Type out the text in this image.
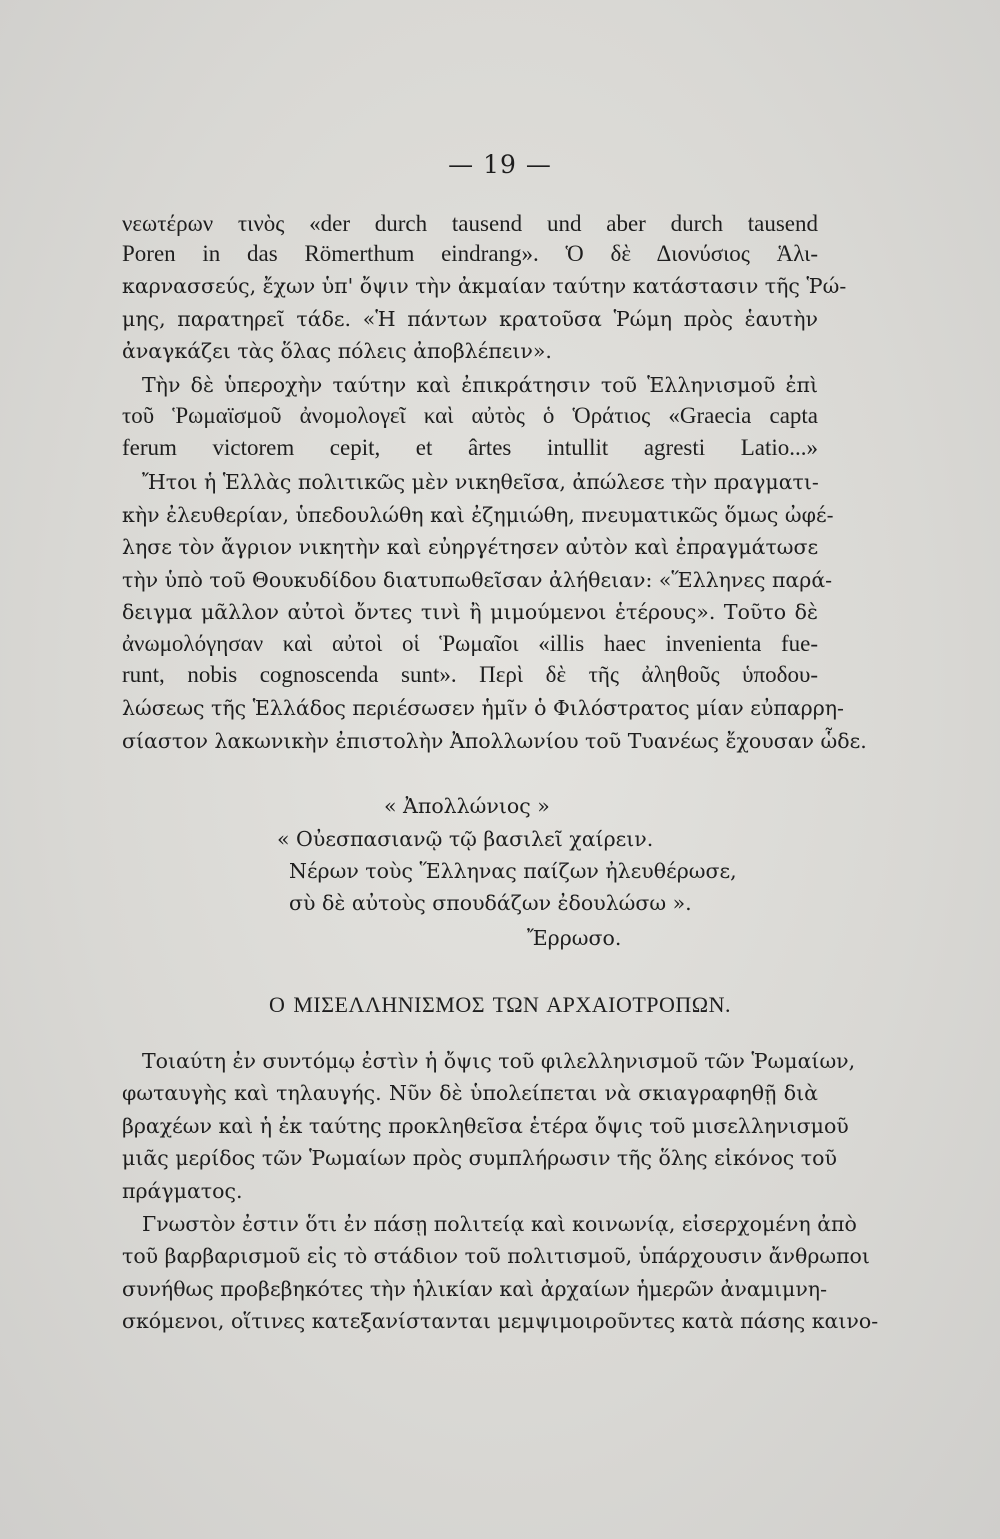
— 19 —
νεωτέρων τινὸς «der durch tausend und aber durch tausend
Poren in das Römerthum eindrang». Ὁ δὲ Διονύσιος Ἁλι-
καρνασσεύς, ἔχων ὑπ' ὄψιν τὴν ἀκμαίαν ταύτην κατάστασιν τῆς Ῥώ-
μης, παρατηρεῖ τάδε. «Ἡ πάντων κρατοῦσα Ῥώμη πρὸς ἑαυτὴν
ἀναγκάζει τὰς ὅλας πόλεις ἀποβλέπειν».
Τὴν δὲ ὑπεροχὴν ταύτην καὶ ἐπικράτησιν τοῦ Ἑλληνισμοῦ ἐπὶ
τοῦ Ῥωμαϊσμοῦ ἀνομολογεῖ καὶ αὐτὸς ὁ Ὁράτιος «Graecia capta
ferum victorem cepit, et ârtes intullit agresti Latio...»
Ἤτοι ἡ Ἑλλὰς πολιτικῶς μὲν νικηθεῖσα, ἀπώλεσε τὴν πραγματι-
κὴν ἐλευθερίαν, ὑπεδουλώθη καὶ ἐζημιώθη, πνευματικῶς ὅμως ὠφέ-
λησε τὸν ἄγριον νικητὴν καὶ εὐηργέτησεν αὐτὸν καὶ ἐπραγμάτωσε
τὴν ὑπὸ τοῦ Θουκυδίδου διατυπωθεῖσαν ἀλήθειαν: «Ἕλληνες παρά-
δειγμα μᾶλλον αὐτοὶ ὄντες τινὶ ἢ μιμούμενοι ἑτέρους». Τοῦτο δὲ
ἀνωμολόγησαν καὶ αὐτοὶ οἱ Ῥωμαῖοι «illis haec invenienta fue-
runt, nobis cognoscenda sunt». Περὶ δὲ τῆς ἀληθοῦς ὑποδου-
λώσεως τῆς Ἑλλάδος περιέσωσεν ἡμῖν ὁ Φιλόστρατος μίαν εὐπαρρη-
σίαστον λακωνικὴν ἐπιστολὴν Ἀπολλωνίου τοῦ Τυανέως ἔχουσαν ὧδε.
« Ἀπολλώνιος »
« Οὐεσπασιανῷ τῷ βασιλεῖ χαίρειν.
Νέρων τοὺς Ἕλληνας παίζων ἠλευθέρωσε,
σὺ δὲ αὐτοὺς σπουδάζων ἐδουλώσω ».
Ἔρρωσο.
Ο ΜΙΣΕΛΛΗΝΙΣΜΟΣ ΤΩΝ ΑΡΧΑΙΟΤΡΟΠΩΝ.
Τοιαύτη ἐν συντόμῳ ἐστὶν ἡ ὄψις τοῦ φιλελληνισμοῦ τῶν Ῥωμαίων,
φωταυγὴς καὶ τηλαυγής. Νῦν δὲ ὑπολείπεται νὰ σκιαγραφηθῇ διὰ
βραχέων καὶ ἡ ἐκ ταύτης προκληθεῖσα ἑτέρα ὄψις τοῦ μισελληνισμοῦ
μιᾶς μερίδος τῶν Ῥωμαίων πρὸς συμπλήρωσιν τῆς ὅλης εἰκόνος τοῦ
πράγματος.
Γνωστὸν ἐστιν ὅτι ἐν πάσῃ πολιτείᾳ καὶ κοινωνίᾳ, εἰσερχομένη ἀπὸ
τοῦ βαρβαρισμοῦ εἰς τὸ στάδιον τοῦ πολιτισμοῦ, ὑπάρχουσιν ἄνθρωποι
συνήθως προβεβηκότες τὴν ἡλικίαν καὶ ἀρχαίων ἡμερῶν ἀναμιμνη-
σκόμενοι, οἵτινες κατεξανίστανται μεμψιμοιροῦντες κατὰ πάσης καινο-
